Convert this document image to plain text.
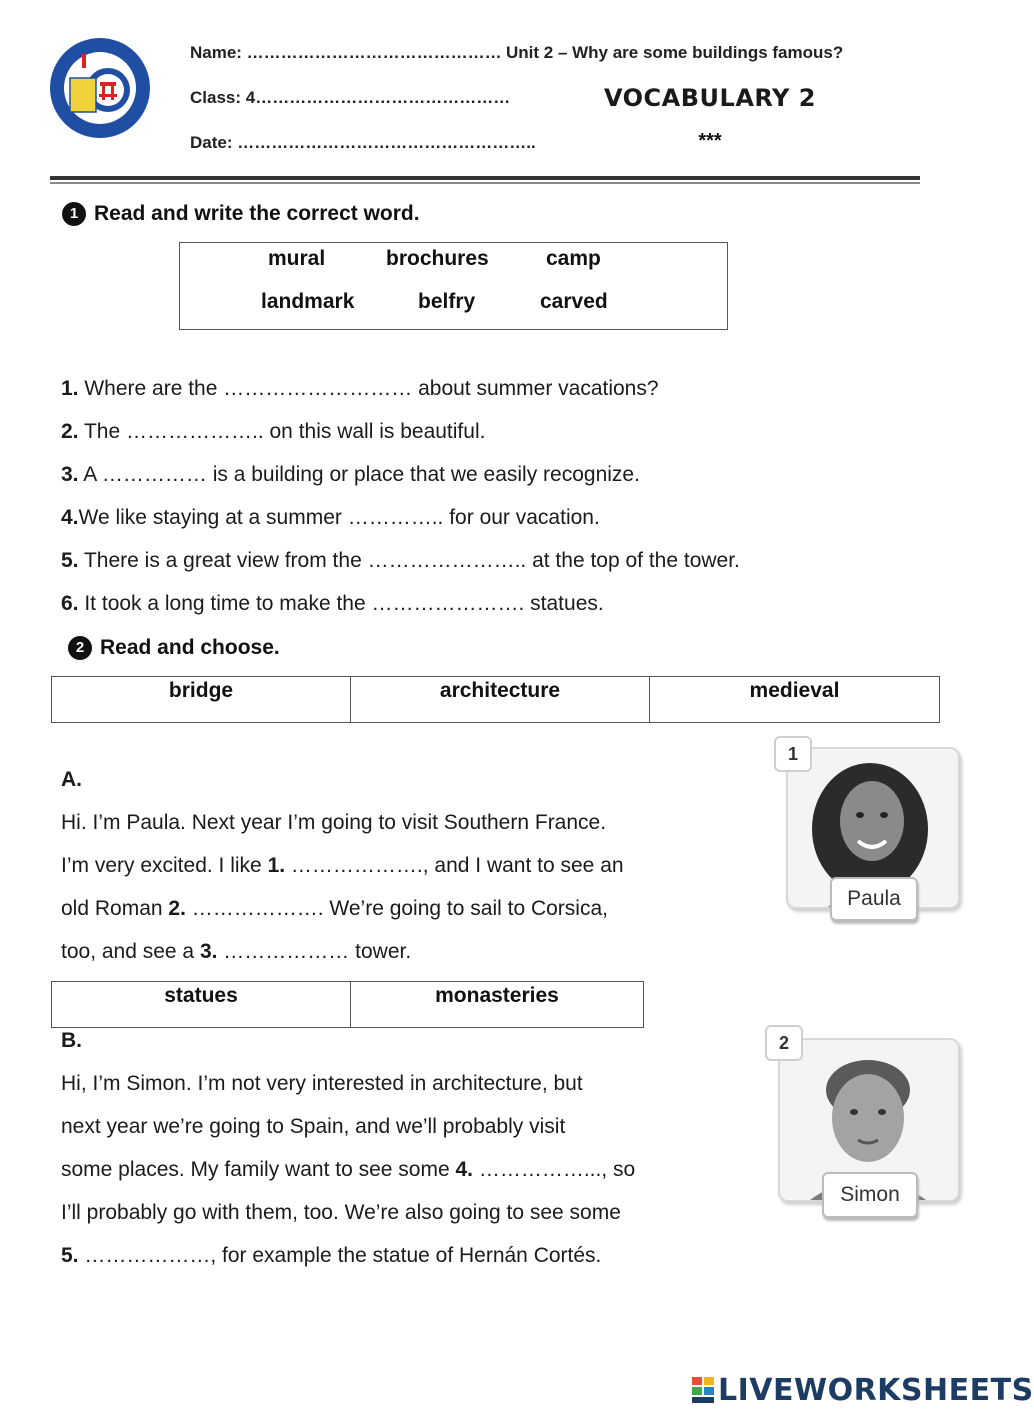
Name: ………………………………………
Class: 4………………………………………
Date: ……………………………………………..
Unit 2 – Why are some buildings famous?
VOCABULARY 2
***
1 Read and write the correct word.
mural	brochures	camp
landmark	belfry	carved
1. Where are the ……………………… about summer vacations?
2. The ……………….. on this wall is beautiful.
3. A …………… is a building or place that we easily recognize.
4.We like staying at a summer ………….. for our vacation.
5. There is a great view from the ………………….. at the top of the tower.
6. It took a long time to make the …………………. statues.
2 Read and choose.
bridge	architecture	medieval
A.
Hi. I’m Paula. Next year I’m going to visit Southern France.
I’m very excited. I like 1. ………………., and I want to see an
old Roman 2. ………………. We’re going to sail to Corsica,
too, and see a 3. ……………… tower.
1
Paula
statues	monasteries
B.
Hi, I’m Simon. I’m not very interested in architecture, but
next year we’re going to Spain, and we’ll probably visit
some places. My family want to see some 4. ……………..., so
I’ll probably go with them, too. We’re also going to see some
5. ………………, for example the statue of Hernán Cortés.
2
Simon
LIVEWORKSHEETS
